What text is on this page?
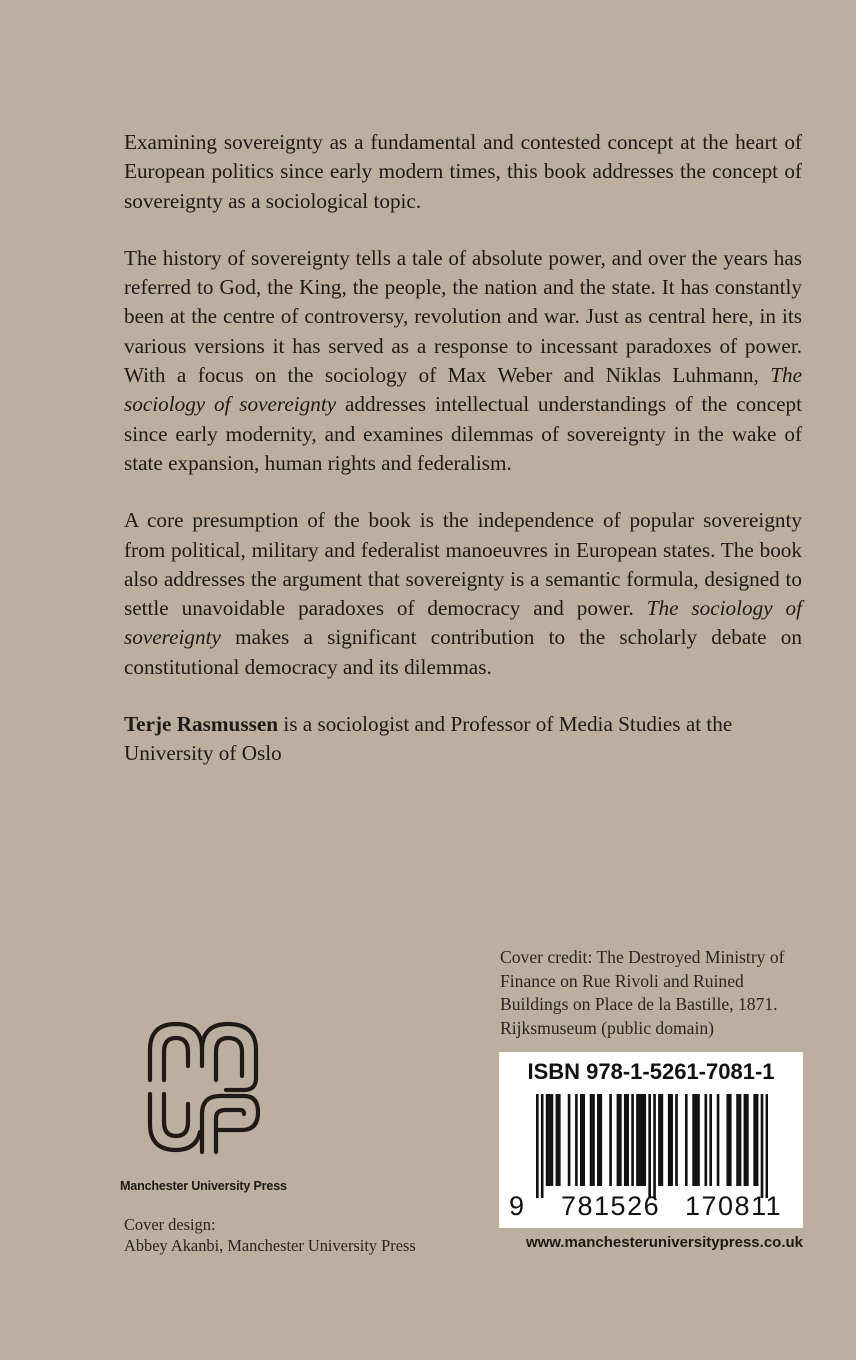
Examining sovereignty as a fundamental and contested concept at the heart of European politics since early modern times, this book addresses the concept of sovereignty as a sociological topic.

The history of sovereignty tells a tale of absolute power, and over the years has referred to God, the King, the people, the nation and the state. It has constantly been at the centre of controversy, revolution and war. Just as central here, in its various versions it has served as a response to incessant paradoxes of power. With a focus on the sociology of Max Weber and Niklas Luhmann, The sociology of sovereignty addresses intellectual understandings of the concept since early modernity, and examines dilemmas of sovereignty in the wake of state expansion, human rights and federalism.

A core presumption of the book is the independence of popular sovereignty from political, military and federalist manoeuvres in European states. The book also addresses the argument that sovereignty is a semantic formula, designed to settle unavoidable paradoxes of democracy and power. The sociology of sovereignty makes a significant contribution to the scholarly debate on constitutional democracy and its dilemmas.

Terje Rasmussen is a sociologist and Professor of Media Studies at the University of Oslo

Cover credit: The Destroyed Ministry of Finance on Rue Rivoli and Ruined Buildings on Place de la Bastille, 1871. Rijksmuseum (public domain)
Manchester University Press
Cover design:
Abbey Akanbi, Manchester University Press
ISBN 978-1-5261-7081-1
9 781526 170811
www.manchesteruniversitypress.co.uk
